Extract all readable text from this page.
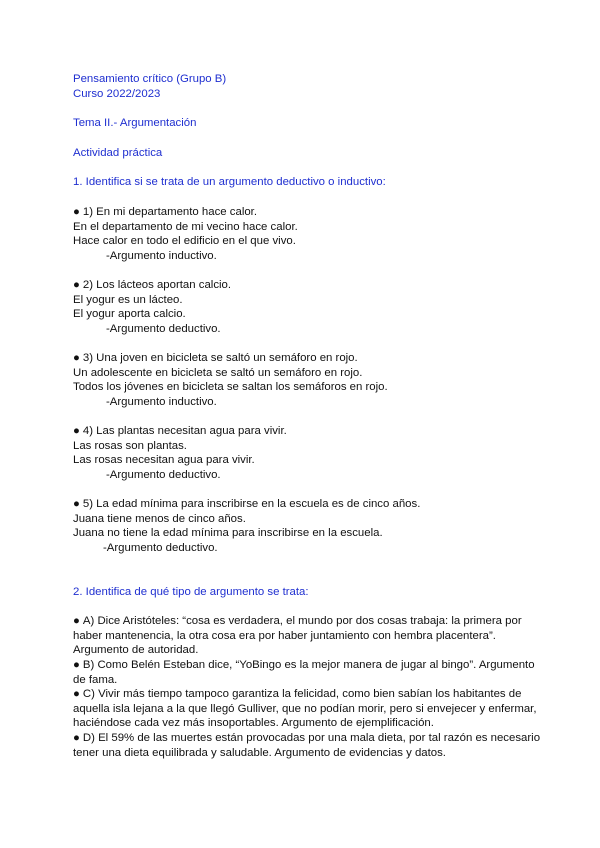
Pensamiento crítico (Grupo B)
Curso 2022/2023
Tema II.- Argumentación
Actividad práctica
1. Identifica si se trata de un argumento deductivo o inductivo:
● 1) En mi departamento hace calor.
En el departamento de mi vecino hace calor.
Hace calor en todo el edificio en el que vivo.
-Argumento inductivo.
● 2) Los lácteos aportan calcio.
El yogur es un lácteo.
El yogur aporta calcio.
-Argumento deductivo.
● 3) Una joven en bicicleta se saltó un semáforo en rojo.
Un adolescente en bicicleta se saltó un semáforo en rojo.
Todos los jóvenes en bicicleta se saltan los semáforos en rojo.
-Argumento inductivo.
● 4) Las plantas necesitan agua para vivir.
Las rosas son plantas.
Las rosas necesitan agua para vivir.
-Argumento deductivo.
● 5) La edad mínima para inscribirse en la escuela es de cinco años.
Juana tiene menos de cinco años.
Juana no tiene la edad mínima para inscribirse en la escuela.
-Argumento deductivo.
2. Identifica de qué tipo de argumento se trata:
● A) Dice Aristóteles: “cosa es verdadera, el mundo por dos cosas trabaja: la primera por
haber mantenencia, la otra cosa era por haber juntamiento con hembra placentera”.
Argumento de autoridad.
● B) Como Belén Esteban dice, “YoBingo es la mejor manera de jugar al bingo”. Argumento
de fama.
● C) Vivir más tiempo tampoco garantiza la felicidad, como bien sabían los habitantes de
aquella isla lejana a la que llegó Gulliver, que no podían morir, pero si envejecer y enfermar,
haciéndose cada vez más insoportables. Argumento de ejemplificación.
● D) El 59% de las muertes están provocadas por una mala dieta, por tal razón es necesario
tener una dieta equilibrada y saludable. Argumento de evidencias y datos.
